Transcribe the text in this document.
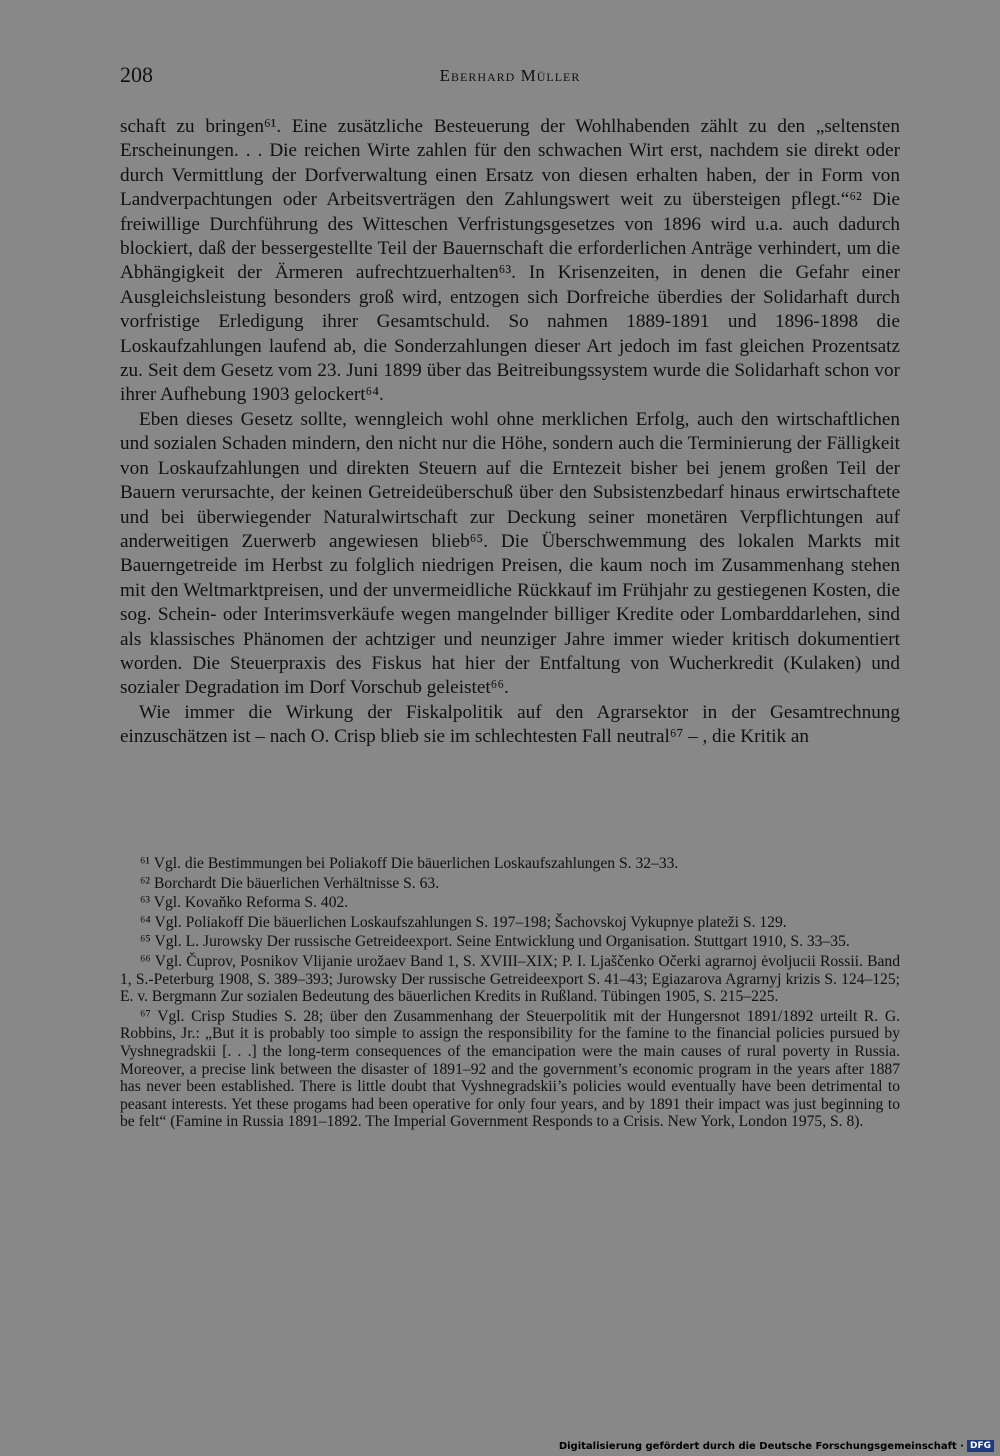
208	Eberhard Müller

schaft zu bringen⁶¹. Eine zusätzliche Besteuerung der Wohlhabenden zählt zu den „seltensten Erscheinungen. . . Die reichen Wirte zahlen für den schwachen Wirt erst, nachdem sie direkt oder durch Vermittlung der Dorfverwaltung einen Ersatz von diesen erhalten haben, der in Form von Landverpachtungen oder Arbeitsverträgen den Zahlungswert weit zu übersteigen pflegt.“⁶² Die freiwillige Durchführung des Witteschen Verfristungsgesetzes von 1896 wird u.a. auch dadurch blockiert, daß der bessergestellte Teil der Bauernschaft die erforderlichen Anträge verhindert, um die Abhängigkeit der Ärmeren aufrechtzuerhalten⁶³. In Krisenzeiten, in denen die Gefahr einer Ausgleichsleistung besonders groß wird, entzogen sich Dorfreiche überdies der Solidarhaft durch vorfristige Erledigung ihrer Gesamtschuld. So nahmen 1889-1891 und 1896-1898 die Loskaufzahlungen laufend ab, die Sonderzahlungen dieser Art jedoch im fast gleichen Prozentsatz zu. Seit dem Gesetz vom 23. Juni 1899 über das Beitreibungssystem wurde die Solidarhaft schon vor ihrer Aufhebung 1903 gelockert⁶⁴.

Eben dieses Gesetz sollte, wenngleich wohl ohne merklichen Erfolg, auch den wirtschaftlichen und sozialen Schaden mindern, den nicht nur die Höhe, sondern auch die Terminierung der Fälligkeit von Loskaufzahlungen und direkten Steuern auf die Erntezeit bisher bei jenem großen Teil der Bauern verursachte, der keinen Getreideüberschuß über den Subsistenzbedarf hinaus erwirtschaftete und bei überwiegender Naturalwirtschaft zur Deckung seiner monetären Verpflichtungen auf anderweitigen Zuerwerb angewiesen blieb⁶⁵. Die Überschwemmung des lokalen Markts mit Bauerngetreide im Herbst zu folglich niedrigen Preisen, die kaum noch im Zusammenhang stehen mit den Weltmarktpreisen, und der unvermeidliche Rückkauf im Frühjahr zu gestiegenen Kosten, die sog. Schein- oder Interimsverkäufe wegen mangelnder billiger Kredite oder Lombarddarlehen, sind als klassisches Phänomen der achtziger und neunziger Jahre immer wieder kritisch dokumentiert worden. Die Steuerpraxis des Fiskus hat hier der Entfaltung von Wucherkredit (Kulaken) und sozialer Degradation im Dorf Vorschub geleistet⁶⁶.

Wie immer die Wirkung der Fiskalpolitik auf den Agrarsektor in der Gesamtrechnung einzuschätzen ist – nach O. Crisp blieb sie im schlechtesten Fall neutral⁶⁷ – , die Kritik an

⁶¹ Vgl. die Bestimmungen bei Poliakoff Die bäuerlichen Loskaufszahlungen S. 32–33.

⁶² Borchardt Die bäuerlichen Verhältnisse S. 63.

⁶³ Vgl. Kovaňko Reforma S. 402.

⁶⁴ Vgl. Poliakoff Die bäuerlichen Loskaufszahlungen S. 197–198; Šachovskoj Vykupnye plateži S. 129.

⁶⁵ Vgl. L. Jurowsky Der russische Getreideexport. Seine Entwicklung und Organisation. Stuttgart 1910, S. 33–35.

⁶⁶ Vgl. Čuprov, Posnikov Vlijanie urožaev Band 1, S. XVIII–XIX; P. I. Ljaščenko Očerki agrarnoj ėvoljucii Rossii. Band 1, S.-Peterburg 1908, S. 389–393; Jurowsky Der russische Getreideexport S. 41–43; Egiazarova Agrarnyj krizis S. 124–125; E. v. Bergmann Zur sozialen Bedeutung des bäuerlichen Kredits in Rußland. Tübingen 1905, S. 215–225.

⁶⁷ Vgl. Crisp Studies S. 28; über den Zusammenhang der Steuerpolitik mit der Hungersnot 1891/1892 urteilt R. G. Robbins, Jr.: „But it is probably too simple to assign the responsibility for the famine to the financial policies pursued by Vyshnegradskii [. . .] the long-term consequences of the emancipation were the main causes of rural poverty in Russia. Moreover, a precise link between the disaster of 1891–92 and the government’s economic program in the years after 1887 has never been established. There is little doubt that Vyshnegradskii’s policies would eventually have been detrimental to peasant interests. Yet these progams had been operative for only four years, and by 1891 their impact was just beginning to be felt“ (Famine in Russia 1891–1892. The Imperial Government Responds to a Crisis. New York, London 1975, S. 8).

Digitalisierung gefördert durch die Deutsche Forschungsgemeinschaft · DFG
